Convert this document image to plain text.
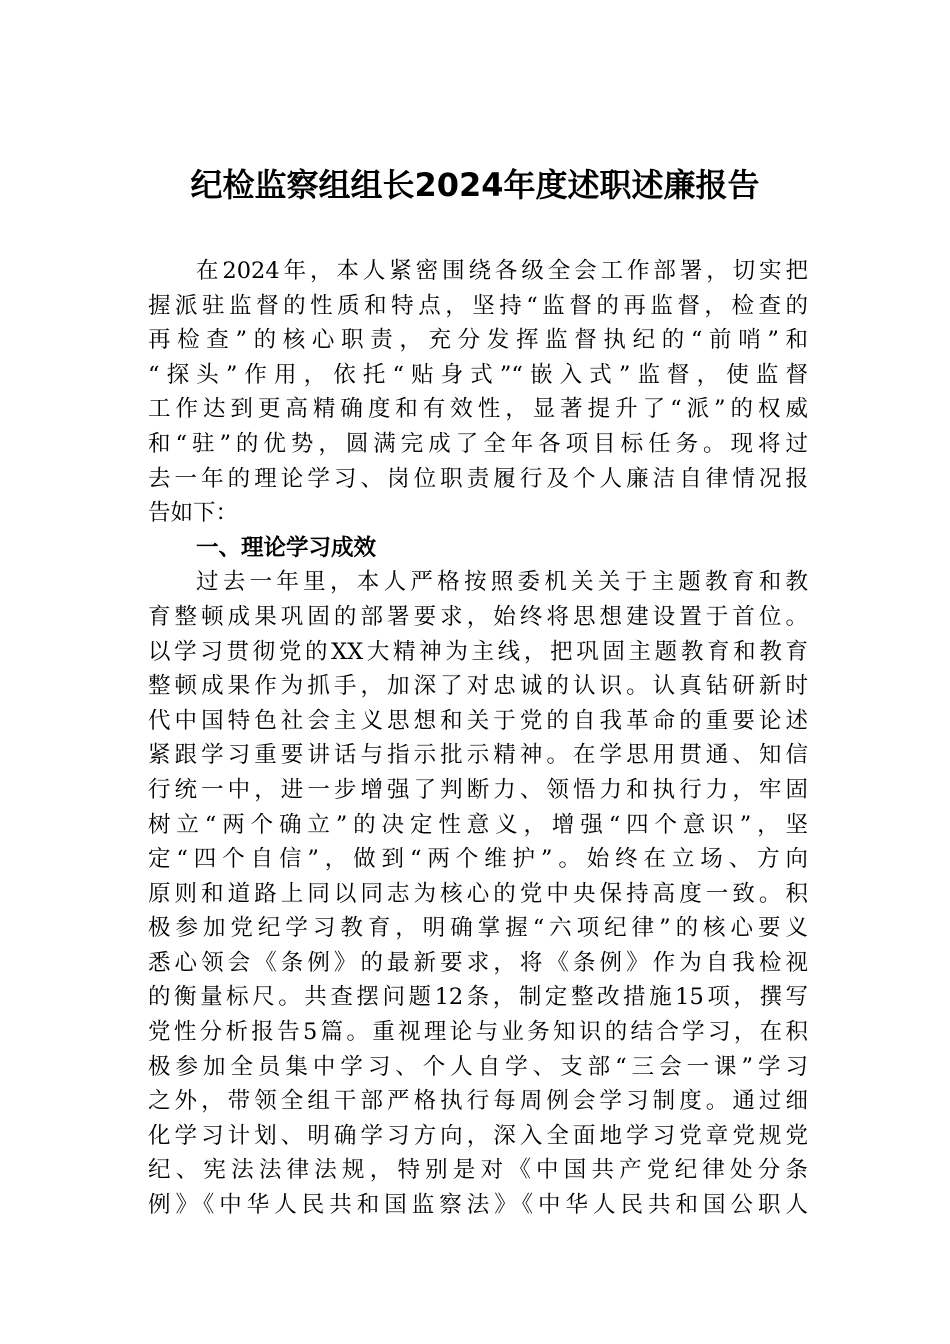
纪检监察组组长2024年度述职述廉报告
在2024年，本人紧密围绕各级全会工作部署，切实把
握派驻监督的性质和特点，坚持“监督的再监督，检查的
再检查”的核心职责，充分发挥监督执纪的“前哨”和
“探头”作用，依托“贴身式”“嵌入式”监督，使监督
工作达到更高精确度和有效性，显著提升了“派”的权威
和“驻”的优势，圆满完成了全年各项目标任务。现将过
去一年的理论学习、岗位职责履行及个人廉洁自律情况报
告如下：
一、理论学习成效
过去一年里，本人严格按照委机关关于主题教育和教
育整顿成果巩固的部署要求，始终将思想建设置于首位。
以学习贯彻党的XX大精神为主线，把巩固主题教育和教育
整顿成果作为抓手，加深了对忠诚的认识。认真钻研新时
代中国特色社会主义思想和关于党的自我革命的重要论述
紧跟学习重要讲话与指示批示精神。在学思用贯通、知信
行统一中，进一步增强了判断力、领悟力和执行力，牢固
树立“两个确立”的决定性意义，增强“四个意识”，坚
定“四个自信”，做到“两个维护”。始终在立场、方向
原则和道路上同以同志为核心的党中央保持高度一致。积
极参加党纪学习教育，明确掌握“六项纪律”的核心要义
悉心领会《条例》的最新要求，将《条例》作为自我检视
的衡量标尺。共查摆问题12条，制定整改措施15项，撰写
党性分析报告5篇。重视理论与业务知识的结合学习，在积
极参加全员集中学习、个人自学、支部“三会一课”学习
之外，带领全组干部严格执行每周例会学习制度。通过细
化学习计划、明确学习方向，深入全面地学习党章党规党
纪、宪法法律法规，特别是对《中国共产党纪律处分条
例》《中华人民共和国监察法》《中华人民共和国公职人
